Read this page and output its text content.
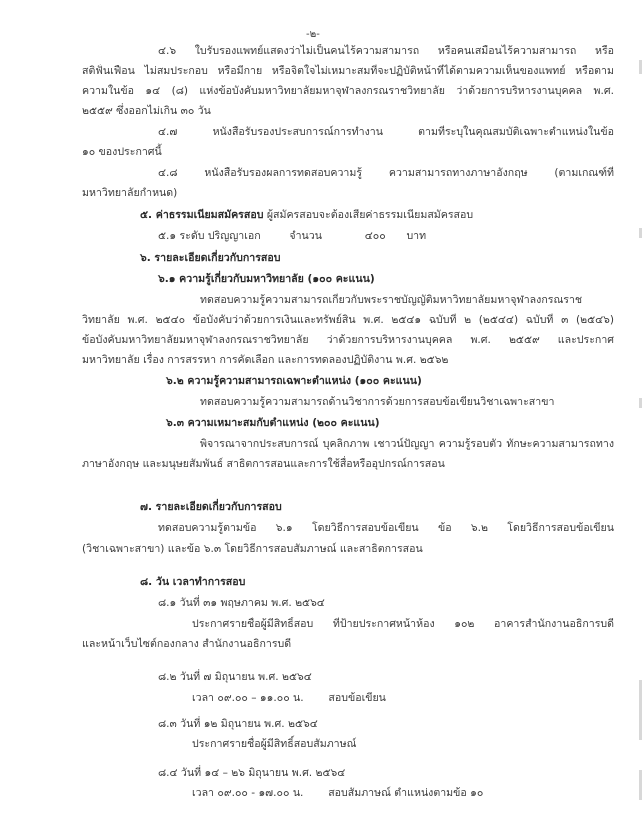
-๒-
๔.๖ ใบรับรองแพทย์แสดงว่าไม่เป็นคนไร้ความสามารถ หรือคนเสมือนไร้ความสามารถ หรือ
สติฟั่นเฟือน ไม่สมประกอบ หรือมีกาย หรือจิตใจไม่เหมาะสมที่จะปฏิบัติหน้าที่ได้ตามความเห็นของแพทย์ หรือตาม
ความในข้อ ๑๔ (๘) แห่งข้อบังคับมหาวิทยาลัยมหาจุฬาลงกรณราชวิทยาลัย ว่าด้วยการบริหารงานบุคคล พ.ศ.
๒๕๕๙ ซึ่งออกไม่เกิน ๓๐ วัน
๔.๗ หนังสือรับรองประสบการณ์การทำงาน ตามที่ระบุในคุณสมบัติเฉพาะตำแหน่งในข้อ
๑๐ ของประกาศนี้
๔.๘ หนังสือรับรองผลการทดสอบความรู้ ความสามารถทางภาษาอังกฤษ (ตามเกณฑ์ที่
มหาวิทยาลัยกำหนด)
๕. ค่าธรรมเนียมสมัครสอบ ผู้สมัครสอบจะต้องเสียค่าธรรมเนียมสมัครสอบ
๕.๑ ระดับ ปริญญาเอก	จำนวน	๔๐๐ บาท
๖. รายละเอียดเกี่ยวกับการสอบ
๖.๑ ความรู้เกี่ยวกับมหาวิทยาลัย (๑๐๐ คะแนน)
ทดสอบความรู้ความสามารถเกี่ยวกับพระราชบัญญัติมหาวิทยาลัยมหาจุฬาลงกรณราช
วิทยาลัย พ.ศ. ๒๕๔๐ ข้อบังคับว่าด้วยการเงินและทรัพย์สิน พ.ศ. ๒๕๔๑ ฉบับที่ ๒ (๒๕๔๔) ฉบับที่ ๓ (๒๕๔๖)
ข้อบังคับมหาวิทยาลัยมหาจุฬาลงกรณราชวิทยาลัย ว่าด้วยการบริหารงานบุคคล พ.ศ. ๒๕๕๙ และประกาศ
มหาวิทยาลัย เรื่อง การสรรหา การคัดเลือก และการทดลองปฏิบัติงาน พ.ศ. ๒๕๖๒
๖.๒ ความรู้ความสามารถเฉพาะตำแหน่ง (๑๐๐ คะแนน)
ทดสอบความรู้ความสามารถด้านวิชาการด้วยการสอบข้อเขียนวิชาเฉพาะสาขา
๖.๓ ความเหมาะสมกับตำแหน่ง (๒๐๐ คะแนน)
พิจารณาจากประสบการณ์ บุคลิกภาพ เชาวน์ปัญญา ความรู้รอบตัว ทักษะความสามารถทาง
ภาษาอังกฤษ และมนุษยสัมพันธ์ สาธิตการสอนและการใช้สื่อหรืออุปกรณ์การสอน
๗. รายละเอียดเกี่ยวกับการสอบ
ทดสอบความรู้ตามข้อ ๖.๑ โดยวิธีการสอบข้อเขียน ข้อ ๖.๒ โดยวิธีการสอบข้อเขียน
(วิชาเฉพาะสาขา) และข้อ ๖.๓ โดยวิธีการสอบสัมภาษณ์ และสาธิตการสอน
๘. วัน เวลาทำการสอบ
๘.๑ วันที่ ๓๑ พฤษภาคม พ.ศ. ๒๕๖๔
ประกาศรายชื่อผู้มีสิทธิ์สอบ ที่ป้ายประกาศหน้าห้อง ๑๐๒ อาคารสำนักงานอธิการบดี
และหน้าเว็บไซต์กองกลาง สำนักงานอธิการบดี
๘.๒ วันที่ ๗ มิถุนายน พ.ศ. ๒๕๖๔
เวลา ๐๙.๐๐ – ๑๑.๐๐ น. สอบข้อเขียน
๘.๓ วันที่ ๑๒ มิถุนายน พ.ศ. ๒๕๖๔
ประกาศรายชื่อผู้มีสิทธิ์สอบสัมภาษณ์
๘.๔ วันที่ ๑๔ – ๒๖ มิถุนายน พ.ศ. ๒๕๖๔
เวลา ๐๙.๐๐ - ๑๗.๐๐ น. สอบสัมภาษณ์ ตำแหน่งตามข้อ ๑๐
